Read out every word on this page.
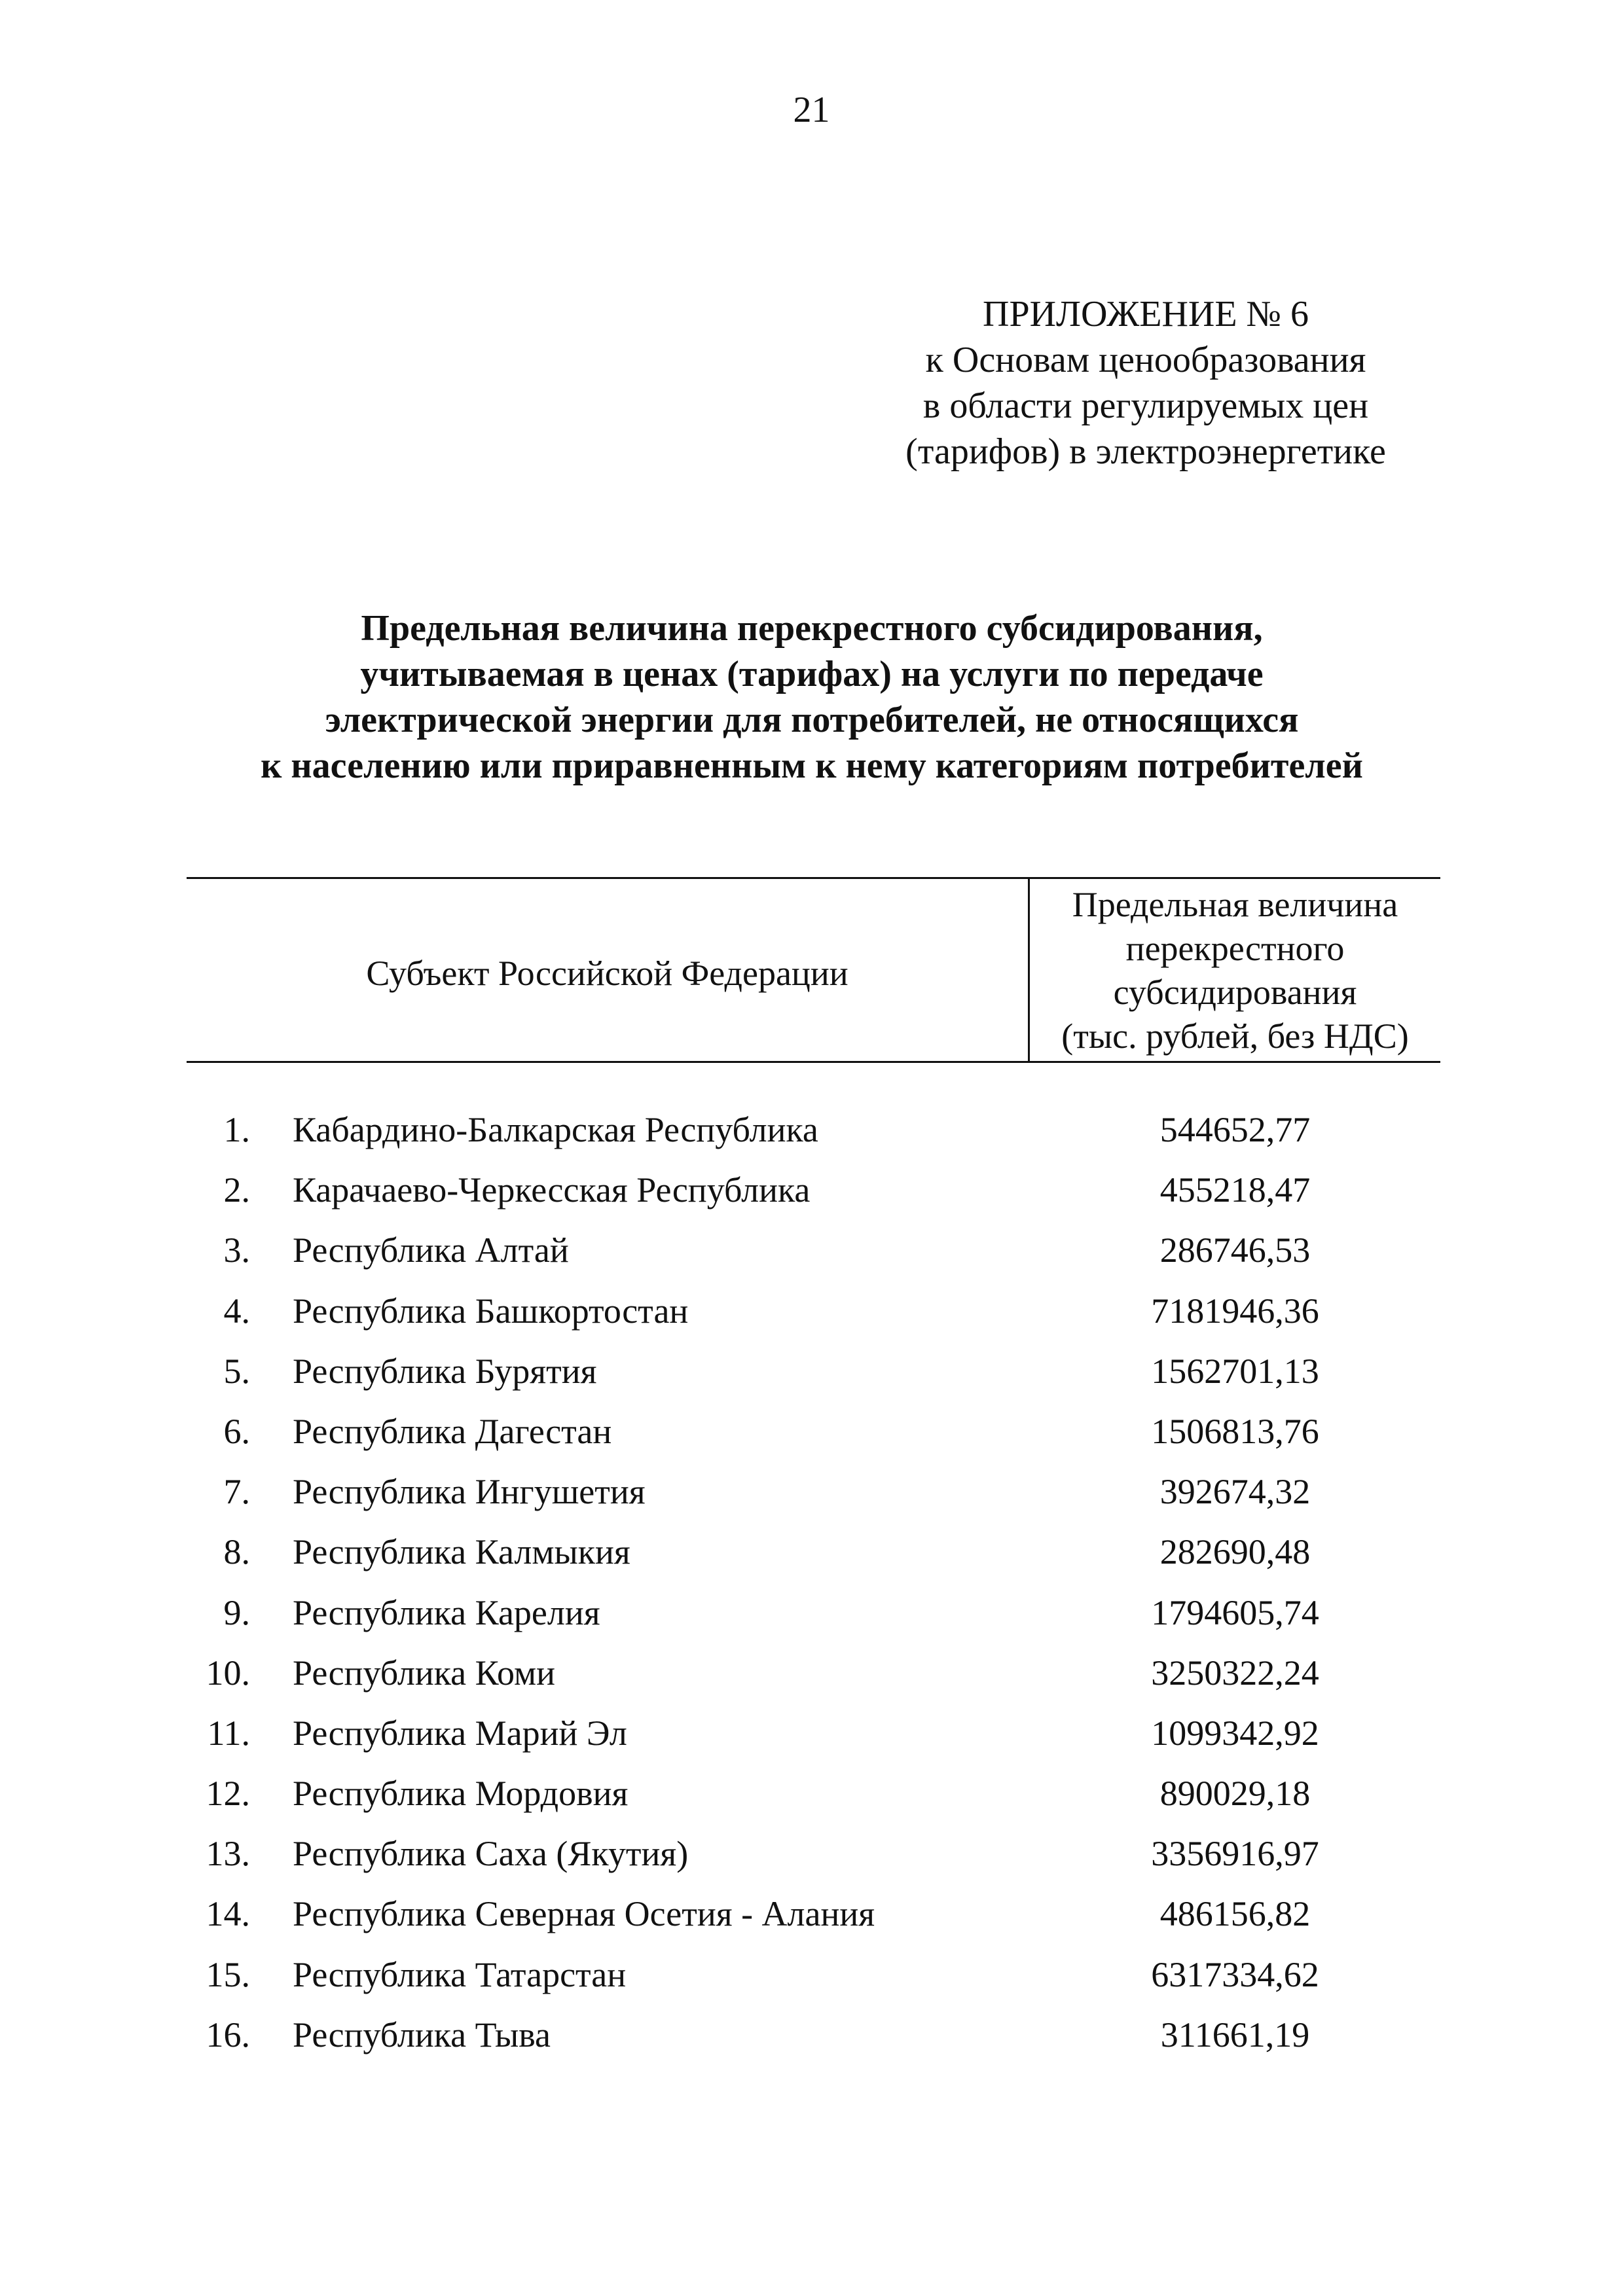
21
ПРИЛОЖЕНИЕ № 6
к Основам ценообразования
в области регулируемых цен
(тарифов) в электроэнергетике
Предельная величина перекрестного субсидирования,
учитываемая в ценах (тарифах) на услуги по передаче
электрической энергии для потребителей, не относящихся
к населению или приравненным к нему категориям потребителей
Субъект Российской Федерации
Предельная величина
перекрестного
субсидирования
(тыс. рублей, без НДС)
1. Кабардино-Балкарская Республика	544652,77
2. Карачаево-Черкесская Республика	455218,47
3. Республика Алтай	286746,53
4. Республика Башкортостан	7181946,36
5. Республика Бурятия	1562701,13
6. Республика Дагестан	1506813,76
7. Республика Ингушетия	392674,32
8. Республика Калмыкия	282690,48
9. Республика Карелия	1794605,74
10. Республика Коми	3250322,24
11. Республика Марий Эл	1099342,92
12. Республика Мордовия	890029,18
13. Республика Саха (Якутия)	3356916,97
14. Республика Северная Осетия - Алания	486156,82
15. Республика Татарстан	6317334,62
16. Республика Тыва	311661,19
